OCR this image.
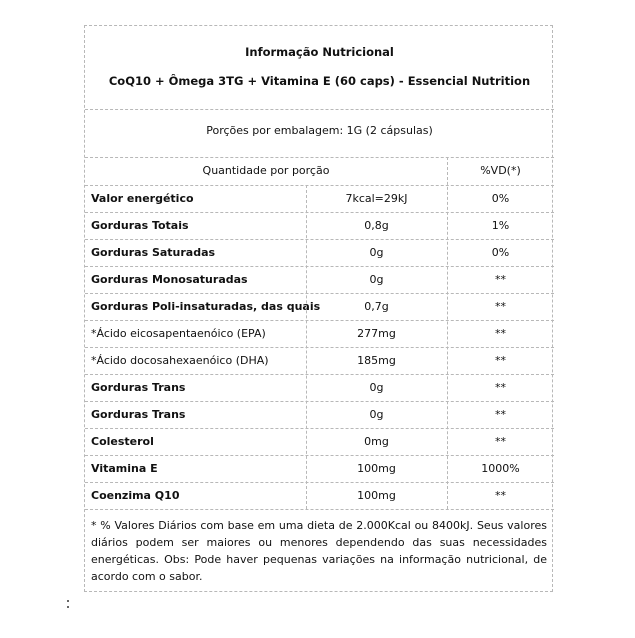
Informação Nutricional
CoQ10 + Ômega 3TG + Vitamina E (60 caps) - Essencial Nutrition
Porções por embalagem: 1G (2 cápsulas)
Quantidade por porção	%VD(*)
Valor energético	7kcal=29kJ	0%
Gorduras Totais	0,8g	1%
Gorduras Saturadas	0g	0%
Gorduras Monosaturadas	0g	**
Gorduras Poli-insaturadas, das quais	0,7g	**
*Ácido eicosapentaenóico (EPA)	277mg	**
*Ácido docosahexaenóico (DHA)	185mg	**
Gorduras Trans	0g	**
Gorduras Trans	0g	**
Colesterol	0mg	**
Vitamina E	100mg	1000%
Coenzima Q10	100mg	**
* % Valores Diários com base em uma dieta de 2.000Kcal ou 8400kJ. Seus valores diários podem ser maiores ou menores dependendo das suas necessidades energéticas. Obs: Pode haver pequenas variações na informação nutricional, de acordo com o sabor.
